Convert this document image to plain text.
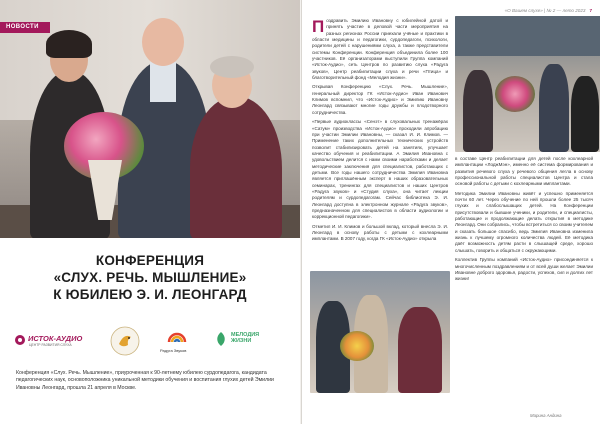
НОВОСТИ
КОНФЕРЕНЦИЯ
«СЛУХ. РЕЧЬ. МЫШЛЕНИЕ»
К ЮБИЛЕЮ Э. И. ЛЕОНГАРД
ИСТОК-АУДИО
ЦЕНТР РАЗВИТИЯ СЛУХА
Радуга Звуков
МЕЛОДИЯ ЖИЗНИ

Конференция «Слух. Речь. Мышление», приуроченная к 90-летнему юбилею сурдопедагога, кандидата педагогических наук, основоположника уникальной методики обучения и воспитания глухих детей Эмилии Ивановны Леонгард, прошла 21 апреля в Москве.

«О Вашем слухе» | № 2 — лето 2023 7

Поздравить Эмилию Ивановну с юбилейной датой и принять участие в деловой части мероприятия на разных регионах России приехали учёные и практики в области медицины и педагогики, сурдопедагоги, психологи, родители детей с нарушениями слуха, а также представители системы Конференции. Конференция объединила более 100 участников. Её организаторами выступили Группа компаний «Исток-Аудио», сеть Центров по развитию слуха «Радуга звуков», Центр реабилитации слуха и речи «Птица» и благотворительный фонд «Мелодия жизни».

Открывая Конференцию «Слух. Речь. Мышление», генеральный директор ГК «Исток-Аудио» Иван Иванович Климов вспомнил, что «Исток-Аудио» и Эмилию Ивановну Леонгард связывают многие годы дружбы и плодотворного сотрудничества.

«Первые аудиоклассы «Сенэт» в слуховальных тренажёрах «Сатум» производства «Исток-Аудио» проходили апробацию при участии Эмилии Ивановны, — сказал И. И. Климов. — Применение таких дополнительных технических устройств позволит стабилизировать детей на занятиях, улучшает качество обучения и реабилитации. А Эмилия Ивановна с удовольствием делится с нами своими наработками и делает методические заключения для специалистов, работающих с детьми. Все годы нашего сотрудничества Эмилия Ивановна является приглашённым эксперт в наших образовательных семинарах, тренингах для специалистов и наших Центров «Радуга звуков» и «Студия слуха», она читает лекции родителям и сурдопедагогам. Сейчас библиотека Э. И. Леонгард доступна в электронном журнале «Радуга звуков», предназначенном для специалистов в области аудиологии и коррекционной педагогики».

Отметил И. И. Климов и большой вклад, который внесла Э. И. Леонгард в основу работы с детьми с кохлеарными имплантами. В 2007 году, когда ГК «Исток-Аудио» открыла

в составе Центр реабилитации для детей после кохлеарной имплантации «ЛоджМэн», именно её система формирования и развития речевого слуха у речевого общения легла в основу профессиональной работы специалистов Центра и стала основой работы с детьми с кохлеарными имплантами.

Методика Эмилии Ивановны живёт и успешно применяется почти 60 лет. Через обучение по ней прошли более 25 тысяч глухих и слабослышащих детей. На Конференции присутствовали и бывшие ученики, и родители, и специалисты, работающие и продолжающие делать открытия в методике Леонгард. Они собрались, чтобы встретиться со своим учителем и сказать большое спасибо, ведь Эмилия Ивановна изменила жизнь к лучшему огромного количества людей. Её методика даёт возможность детям расти в слышащей среде, хорошо слышать, говорить и общаться с окружающими.

Коллектив Группы компаний «Исток-Аудио» присоединяется к многочисленным поздравлениям и от всей души желает Эмилии Ивановне доброго здоровья, радости, успехов, сил и долгих лет жизни!

Марина Андина
